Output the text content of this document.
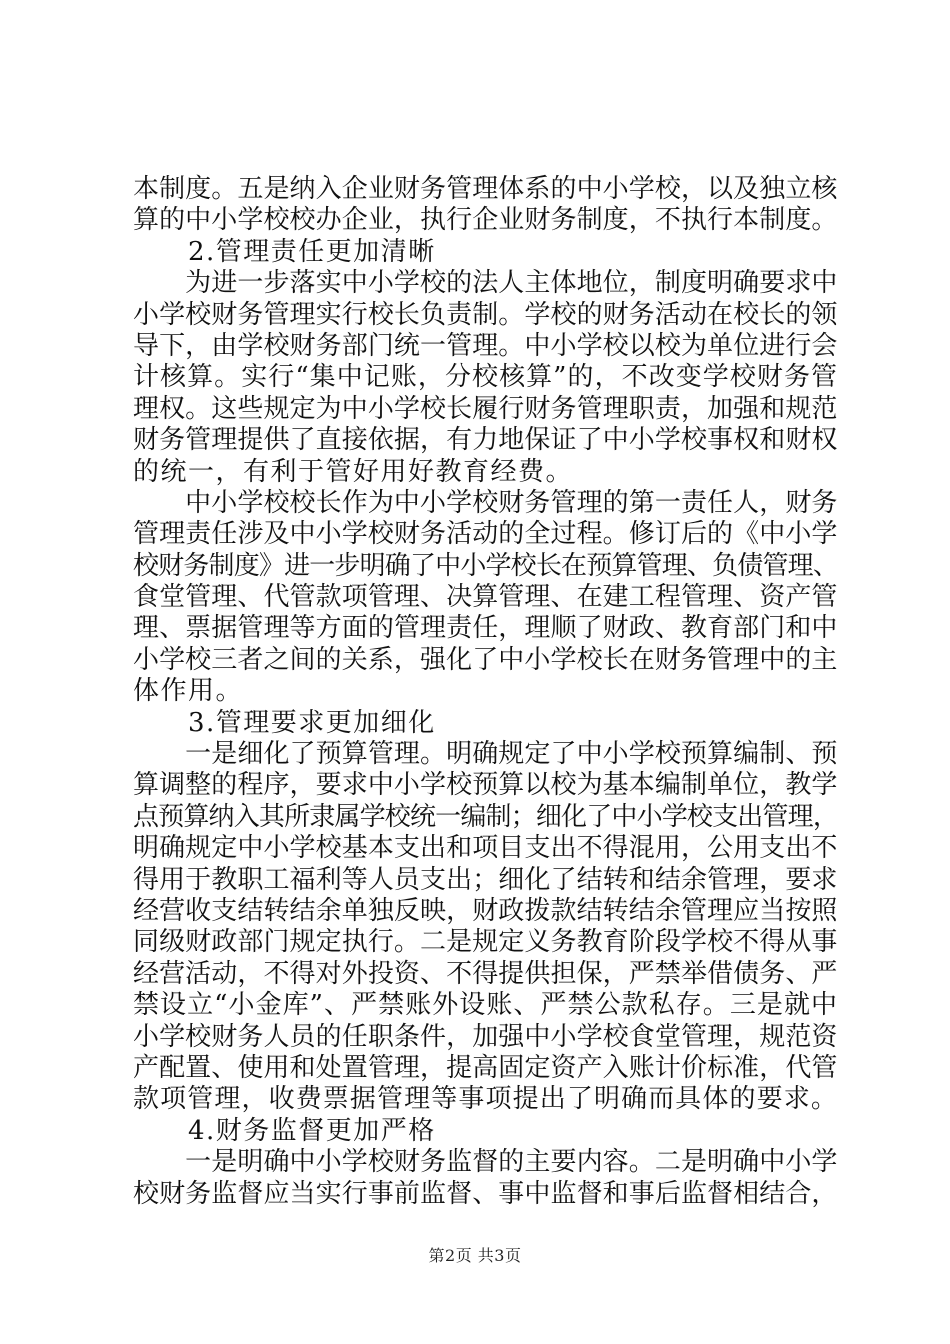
本制度。五是纳入企业财务管理体系的中小学校，以及独立核
算的中小学校校办企业，执行企业财务制度，不执行本制度。
　　2.管理责任更加清晰
　　为进一步落实中小学校的法人主体地位，制度明确要求中
小学校财务管理实行校长负责制。学校的财务活动在校长的领
导下，由学校财务部门统一管理。中小学校以校为单位进行会
计核算。实行“集中记账，分校核算”的，不改变学校财务管
理权。这些规定为中小学校长履行财务管理职责，加强和规范
财务管理提供了直接依据，有力地保证了中小学校事权和财权
的统一，有利于管好用好教育经费。
　　中小学校校长作为中小学校财务管理的第一责任人，财务
管理责任涉及中小学校财务活动的全过程。修订后的《中小学
校财务制度》进一步明确了中小学校长在预算管理、负债管理、
食堂管理、代管款项管理、决算管理、在建工程管理、资产管
理、票据管理等方面的管理责任，理顺了财政、教育部门和中
小学校三者之间的关系，强化了中小学校长在财务管理中的主
体作用。
　　3.管理要求更加细化
　　一是细化了预算管理。明确规定了中小学校预算编制、预
算调整的程序，要求中小学校预算以校为基本编制单位，教学
点预算纳入其所隶属学校统一编制；细化了中小学校支出管理，
明确规定中小学校基本支出和项目支出不得混用，公用支出不
得用于教职工福利等人员支出；细化了结转和结余管理，要求
经营收支结转结余单独反映，财政拨款结转结余管理应当按照
同级财政部门规定执行。二是规定义务教育阶段学校不得从事
经营活动，不得对外投资、不得提供担保，严禁举借债务、严
禁设立“小金库”、严禁账外设账、严禁公款私存。三是就中
小学校财务人员的任职条件，加强中小学校食堂管理，规范资
产配置、使用和处置管理，提高固定资产入账计价标准，代管
款项管理，收费票据管理等事项提出了明确而具体的要求。
　　4.财务监督更加严格
　　一是明确中小学校财务监督的主要内容。二是明确中小学
校财务监督应当实行事前监督、事中监督和事后监督相结合，
第2页 共3页
